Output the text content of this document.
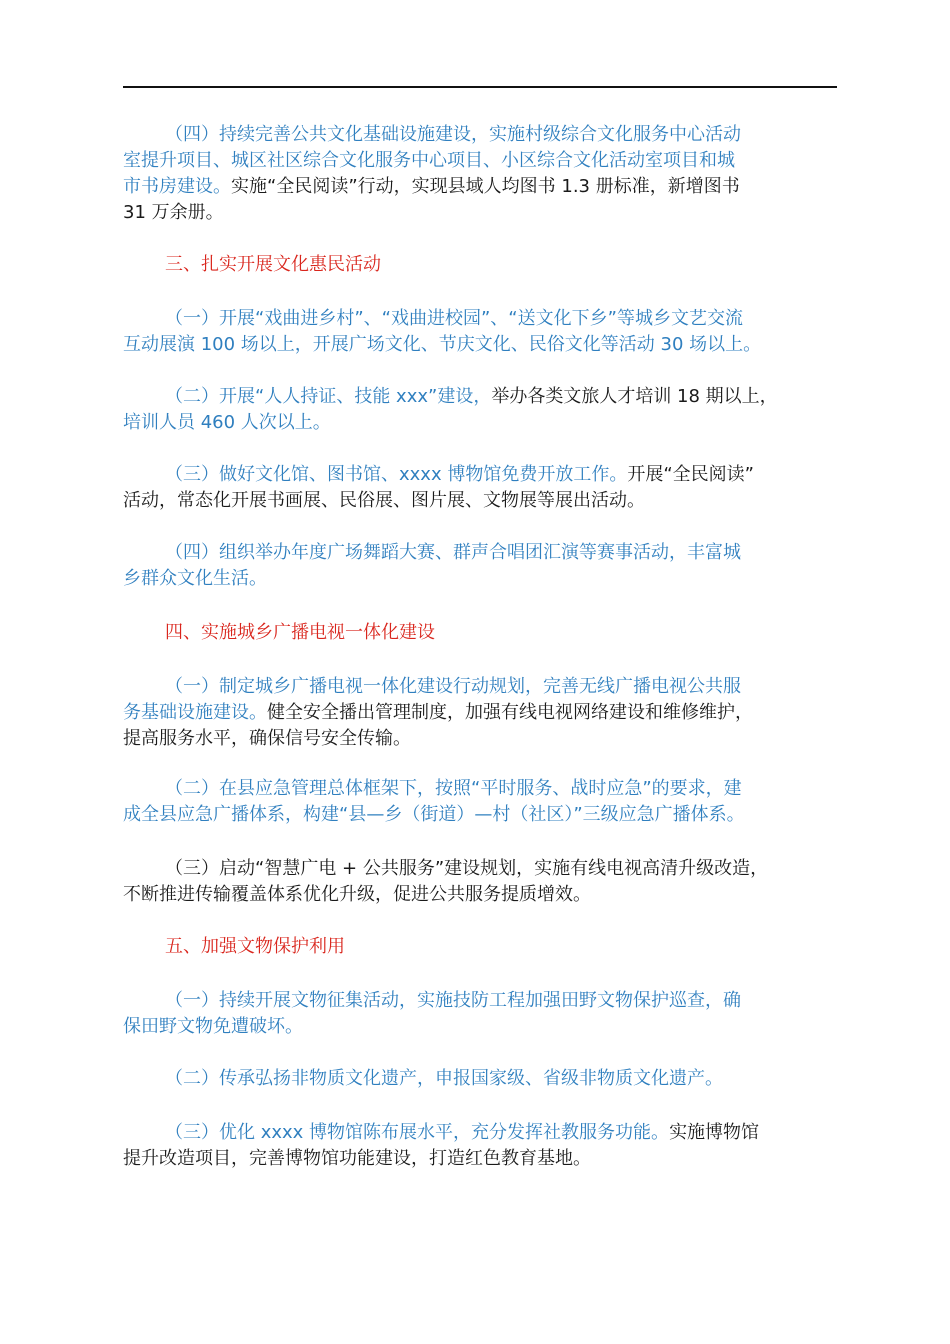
（四）持续完善公共文化基础设施建设，实施村级综合文化服务中心活动
室提升项目、城区社区综合文化服务中心项目、小区综合文化活动室项目和城
市书房建设。实施“全民阅读”行动，实现县域人均图书 1.3 册标准，新增图书
31 万余册。
三、扎实开展文化惠民活动
（一）开展“戏曲进乡村”、“戏曲进校园”、“送文化下乡”等城乡文艺交流
互动展演 100 场以上，开展广场文化、节庆文化、民俗文化等活动 30 场以上。
（二）开展“人人持证、技能 xxx”建设，举办各类文旅人才培训 18 期以上，
培训人员 460 人次以上。
（三）做好文化馆、图书馆、xxxx 博物馆免费开放工作。开展“全民阅读”
活动，常态化开展书画展、民俗展、图片展、文物展等展出活动。
（四）组织举办年度广场舞蹈大赛、群声合唱团汇演等赛事活动，丰富城
乡群众文化生活。
四、实施城乡广播电视一体化建设
（一）制定城乡广播电视一体化建设行动规划，完善无线广播电视公共服
务基础设施建设。健全安全播出管理制度，加强有线电视网络建设和维修维护，
提高服务水平，确保信号安全传输。
（二）在县应急管理总体框架下，按照“平时服务、战时应急”的要求，建
成全县应急广播体系，构建“县—乡（街道）—村（社区）”三级应急广播体系。
（三）启动“智慧广电 + 公共服务”建设规划，实施有线电视高清升级改造，
不断推进传输覆盖体系优化升级，促进公共服务提质增效。
五、加强文物保护利用
（一）持续开展文物征集活动，实施技防工程加强田野文物保护巡查，确
保田野文物免遭破坏。
（二）传承弘扬非物质文化遗产，申报国家级、省级非物质文化遗产。
（三）优化 xxxx 博物馆陈布展水平，充分发挥社教服务功能。实施博物馆
提升改造项目，完善博物馆功能建设，打造红色教育基地。
